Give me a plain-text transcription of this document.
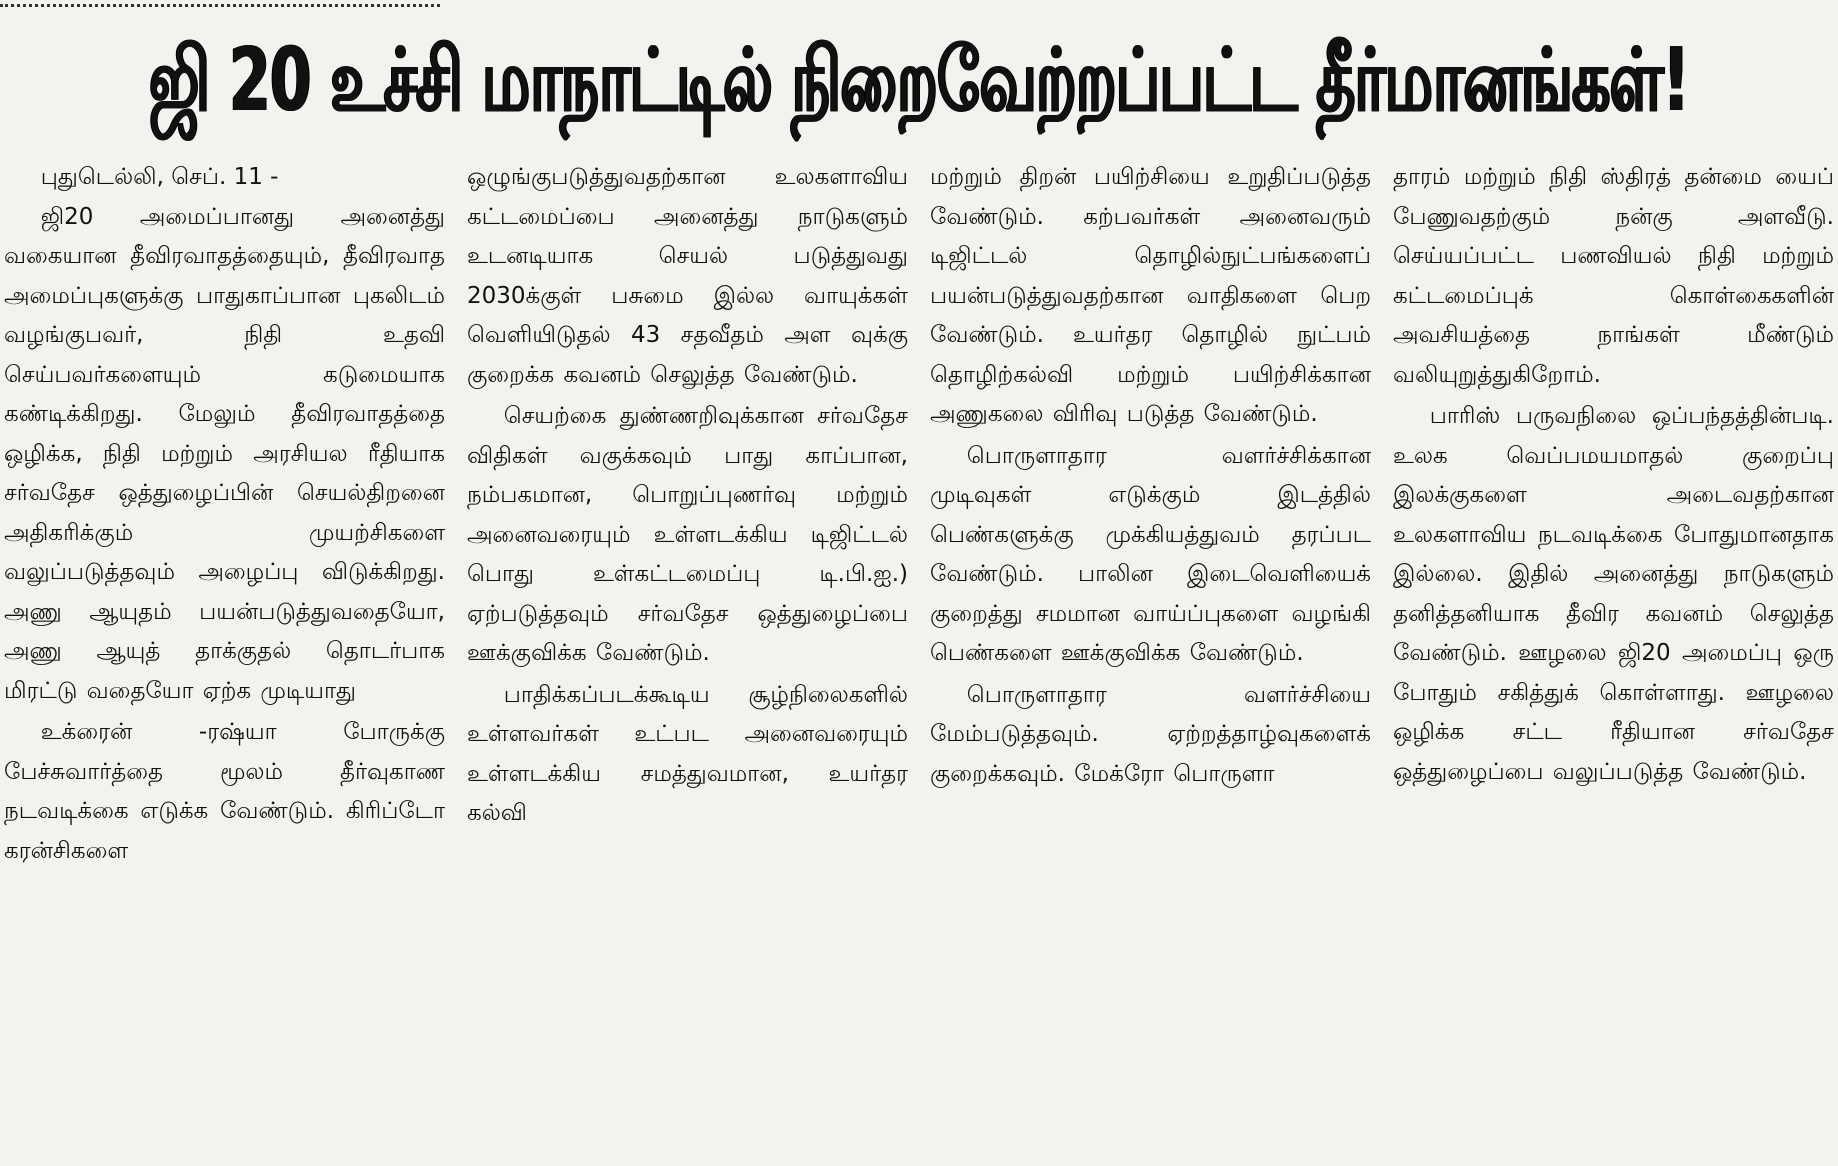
ஜி 20 உச்சி மாநாட்டில் நிறைவேற்றப்பட்ட தீர்மானங்கள்!

புதுடெல்லி, செப். 11 -

ஜி20 அமைப்பானது அனைத்து வகையான தீவிரவாதத்தையும், தீவிரவாத அமைப்புகளுக்கு பாதுகாப்பான புகலிடம் வழங்குபவர், நிதி உதவி செய்பவர்களையும் கடுமையாக கண்டிக்கிறது. மேலும் தீவிரவாதத்தை ஒழிக்க, நிதி மற்றும் அரசியல ரீதியாக சர்வதேச ஒத்துழைப்பின் செயல்திறனை அதிகரிக்கும் முயற்சிகளை வலுப்படுத்தவும் அழைப்பு விடுக்கிறது. அணு ஆயுதம் பயன்படுத்துவதையோ, அணு ஆயுத் தாக்குதல் தொடர்பாக மிரட்டு வதையோ ஏற்க முடியாது

உக்ரைன் -ரஷ்யா போருக்கு பேச்சுவார்த்தை மூலம் தீர்வுகாண நடவடிக்கை எடுக்க வேண்டும். கிரிப்டோ கரன்சிகளை

ஒழுங்குபடுத்துவதற்கான உலகளாவிய கட்டமைப்பை அனைத்து நாடுகளும் உடனடியாக செயல் படுத்துவது 2030க்குள் பசுமை இல்ல வாயுக்கள் வெளியிடுதல் 43 சதவீதம் அள வுக்கு குறைக்க கவனம் செலுத்த வேண்டும்.

செயற்கை துண்ணறிவுக்கான சர்வதேச விதிகள் வகுக்கவும் பாது காப்பான, நம்பகமான, பொறுப்புணர்வு மற்றும் அனைவரையும் உள்ளடக்கிய டிஜிட்டல் பொது உள்கட்டமைப்பு டி.பி.ஐ.) ஏற்படுத்தவும் சர்வதேச ஒத்துழைப்பை ஊக்குவிக்க வேண்டும்.

பாதிக்கப்படக்கூடிய சூழ்நிலைகளில் உள்ளவர்கள் உட்பட அனைவரையும் உள்ளடக்கிய சமத்துவமான, உயர்தர கல்வி

மற்றும் திறன் பயிற்சியை உறுதிப்படுத்த வேண்டும். கற்பவர்கள் அனைவரும் டிஜிட்டல் தொழில்நுட்பங்களைப் பயன்படுத்துவதற்கான வாதிகளை பெற வேண்டும். உயர்தர தொழில் நுட்பம் தொழிற்கல்வி மற்றும் பயிற்சிக்கான அணுகலை விரிவு படுத்த வேண்டும்.

பொருளாதார வளர்ச்சிக்கான முடிவுகள் எடுக்கும் இடத்தில் பெண்களுக்கு முக்கியத்துவம் தரப்பட வேண்டும். பாலின இடைவெளியைக் குறைத்து சமமான வாய்ப்புகளை வழங்கி பெண்களை ஊக்குவிக்க வேண்டும்.

பொருளாதார வளர்ச்சியை மேம்படுத்தவும். ஏற்றத்தாழ்வுகளைக் குறைக்கவும். மேக்ரோ பொருளா

தாரம் மற்றும் நிதி ஸ்திரத் தன்மை யைப் பேணுவதற்கும் நன்கு அளவீடு. செய்யப்பட்ட பணவியல் நிதி மற்றும் கட்டமைப்புக் கொள்கைகளின் அவசியத்தை நாங்கள் மீண்டும் வலியுறுத்துகிறோம்.

பாரிஸ் பருவநிலை ஒப்பந்தத்தின்படி. உலக வெப்பமயமாதல் குறைப்பு இலக்குகளை அடைவதற்கான உலகளாவிய நடவடிக்கை போதுமானதாக இல்லை. இதில் அனைத்து நாடுகளும் தனித்தனியாக தீவிர கவனம் செலுத்த வேண்டும். ஊழலை ஜி20 அமைப்பு ஒரு போதும் சகித்துக் கொள்ளாது. ஊழலை ஒழிக்க சட்ட ரீதியான சர்வதேச ஒத்துழைப்பை வலுப்படுத்த வேண்டும்.
